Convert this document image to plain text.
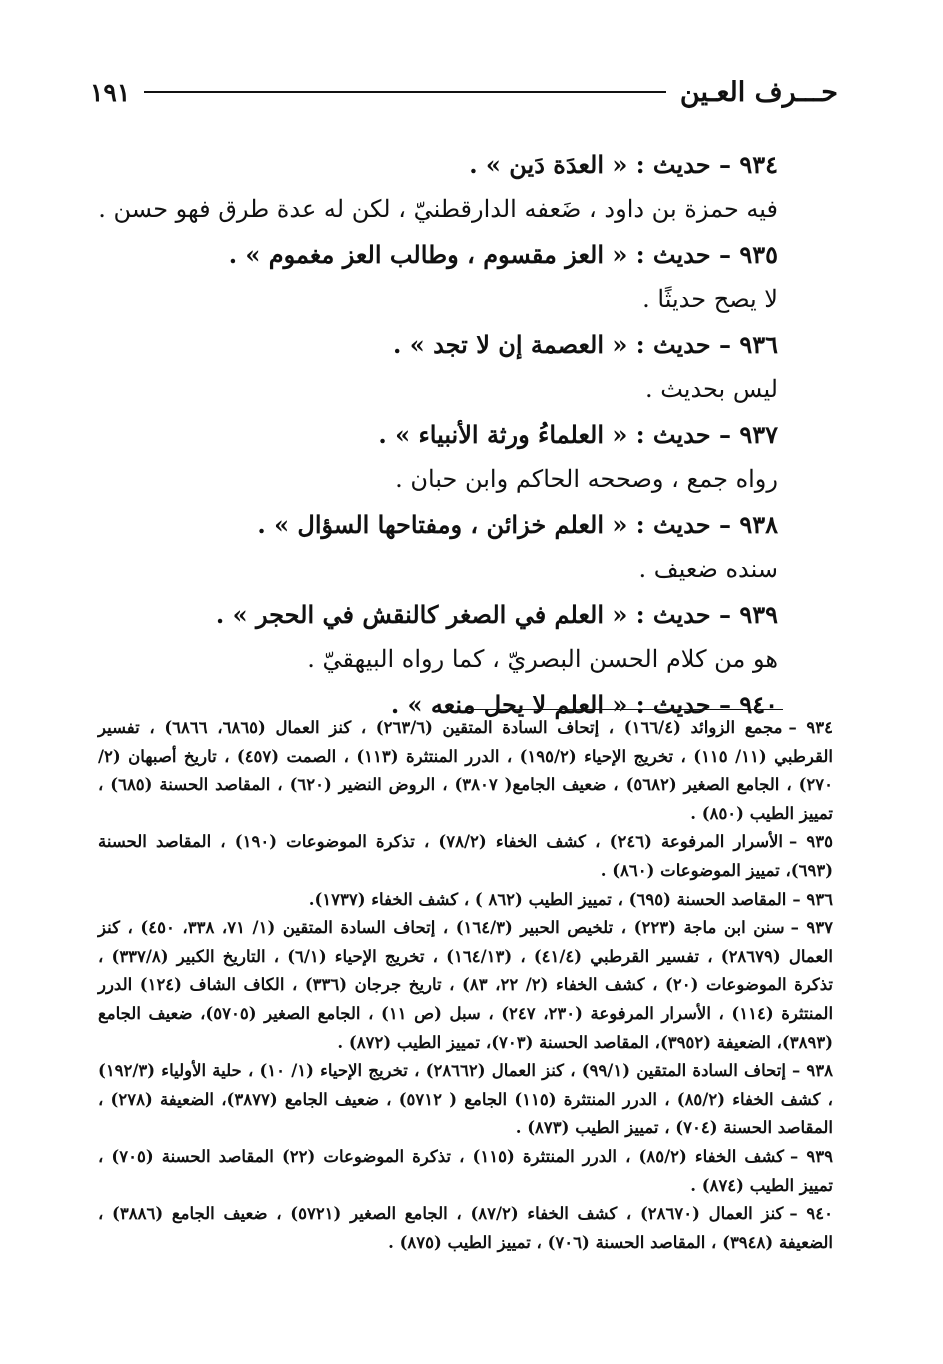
حـــرف العـين
١٩١
٩٣٤ – حديث : « العدَة دَين » .
فيه حمزة بن داود ، ضَعفه الدارقطنيّ ، لكن له عدة طرق فهو حسن .
٩٣٥ – حديث : « العز مقسوم ، وطالب العز مغموم » .
لا يصح حديثًا .
٩٣٦ – حديث : « العصمة إن لا تجد » .
ليس بحديث .
٩٣٧ – حديث : « العلماءُ ورثة الأنبياء » .
رواه جمع ، وصححه الحاكم وابن حبان .
٩٣٨ – حديث : « العلم خزائن ، ومفتاحها السؤال » .
سنده ضعيف .
٩٣٩ – حديث : « العلم في الصغر كالنقش في الحجر » .
هو من كلام الحسن البصريّ ، كما رواه البيهقيّ .
٩٤٠ – حديث : « العلم لا يحل منعه » .
٩٣٤ –مجمع الزوائد (١٦٦/٤) ، إتحاف السادة المتقين (٢٦٣/٦) ، كنز العمال (٦٨٦٥، ٦٨٦٦) ، تفسير القرطبي (١١/ ١١٥) ، تخريج الإحياء (١٩٥/٢) ، الدرر المنتثرة (١١٣) ، الصمت (٤٥٧) ، تاريخ أصبهان (٢/ ٢٧٠) ، الجامع الصغير (٥٦٨٢) ، ضعيف الجامع( ٣٨٠٧) ، الروض النضير (٦٢٠) ، المقاصد الحسنة (٦٨٥) ، تمييز الطيب (٨٥٠) .
٩٣٥ –الأسرار المرفوعة (٢٤٦) ، كشف الخفاء (٧٨/٢) ، تذكرة الموضوعات (١٩٠) ، المقاصد الحسنة (٦٩٣)، تمييز الموضوعات (٨٦٠) .
٩٣٦ –المقاصد الحسنة (٦٩٥) ، تمييز الطيب (٨٦٢ ) ، كشف الخفاء (١٧٣٧).
٩٣٧ –سنن ابن ماجة (٢٢٣) ، تلخيص الحبير (١٦٤/٣) ، إتحاف السادة المتقين (١/ ٧١، ٣٣٨، ٤٥٠) ، كنز العمال (٢٨٦٧٩) ، تفسير القرطبي (٤١/٤) ، (١٦٤/١٣) ، تخريج الإحياء (٦/١) ، التاريخ الكبير (٣٣٧/٨) ، تذكرة الموضوعات (٢٠) ، كشف الخفاء (٢/ ٢٢، ٨٣) ، تاريخ جرجان (٣٣٦) ، الكاف الشاف (١٢٤) الدرر المنتثرة (١١٤) ، الأسرار المرفوعة (٢٣٠، ٢٤٧) ، سبل (ص ١١) ، الجامع الصغير (٥٧٠٥)، ضعيف الجامع (٣٨٩٣)، الضعيفة (٣٩٥٢)، المقاصد الحسنة (٧٠٣)، تمييز الطيب (٨٧٢) .
٩٣٨ –إتحاف السادة المتقين (٩٩/١) ، كنز العمال (٢٨٦٦٢) ، تخريج الإحياء (١/ ١٠) ، حلية الأولياء (١٩٢/٣) ، كشف الخفاء (٨٥/٢) ، الدرر المنتثرة (١١٥) الجامع ( ٥٧١٢) ، ضعيف الجامع (٣٨٧٧)، الضعيفة (٢٧٨) ، المقاصد الحسنة (٧٠٤) ، تمييز الطيب (٨٧٣) .
٩٣٩ –كشف الخفاء (٨٥/٢) ، الدرر المنتثرة (١١٥) ، تذكرة الموضوعات (٢٢) المقاصد الحسنة (٧٠٥) ، تمييز الطيب (٨٧٤) .
٩٤٠ –كنز العمال (٢٨٦٧٠) ، كشف الخفاء (٨٧/٢) ، الجامع الصغير (٥٧٢١) ، ضعيف الجامع (٣٨٨٦) ، الضعيفة (٣٩٤٨) ، المقاصد الحسنة (٧٠٦) ، تمييز الطيب (٨٧٥) .
